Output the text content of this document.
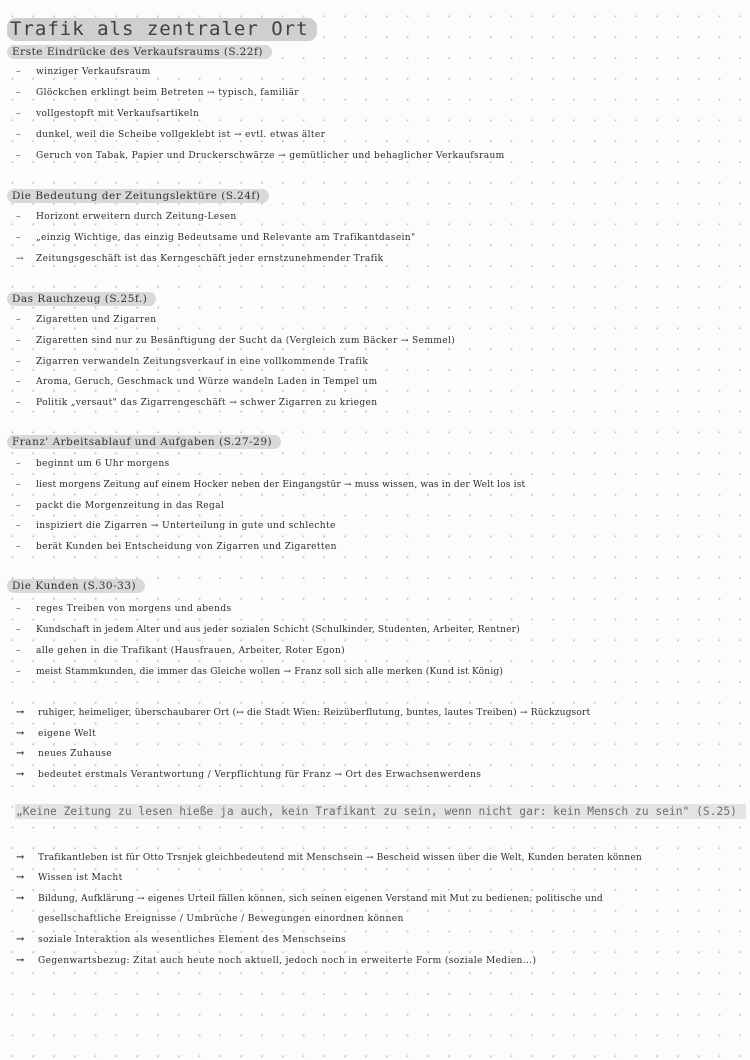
Trafik als zentraler Ort
Erste Eindrücke des Verkaufsraums (S.22f)
– winziger Verkaufsraum
– Glöckchen erklingt beim Betreten → typisch, familiär
– vollgestopft mit Verkaufsartikeln
– dunkel, weil die Scheibe vollgeklebt ist → evtl. etwas älter
– Geruch von Tabak, Papier und Druckerschwärze → gemütlicher und behaglicher Verkaufsraum
Die Bedeutung der Zeitungslektüre (S.24f)
– Horizont erweitern durch Zeitung-Lesen
– „einzig Wichtige, das einzig Bedeutsame und Relevante am Trafikantdasein"
→ Zeitungsgeschäft ist das Kerngeschäft jeder ernstzunehmender Trafik
Das Rauchzeug (S.25f.)
– Zigaretten und Zigarren
– Zigaretten sind nur zu Besänftigung der Sucht da (Vergleich zum Bäcker → Semmel)
– Zigarren verwandeln Zeitungsverkauf in eine vollkommende Trafik
– Aroma, Geruch, Geschmack und Würze wandeln Laden in Tempel um
– Politik „versaut" das Zigarrengeschäft → schwer Zigarren zu kriegen
Franz' Arbeitsablauf und Aufgaben (S.27-29)
– beginnt um 6 Uhr morgens
– liest morgens Zeitung auf einem Hocker neben der Eingangstür → muss wissen, was in der Welt los ist
– packt die Morgenzeitung in das Regal
– inspiziert die Zigarren → Unterteilung in gute und schlechte
– berät Kunden bei Entscheidung von Zigarren und Zigaretten
Die Kunden (S.30-33)
– reges Treiben von morgens und abends
– Kundschaft in jedem Alter und aus jeder sozialen Schicht (Schulkinder, Studenten, Arbeiter, Rentner)
– alle gehen in die Trafikant (Hausfrauen, Arbeiter, Roter Egon)
– meist Stammkunden, die immer das Gleiche wollen → Franz soll sich alle merken (Kund ist König)
→ ruhiger, heimeliger, überschaubarer Ort (↔ die Stadt Wien: Reizüberflutung, buntes, lautes Treiben) → Rückzugsort
→ eigene Welt
→ neues Zuhause
→ bedeutet erstmals Verantwortung / Verpflichtung für Franz → Ort des Erwachsenwerdens
„Keine Zeitung zu lesen hieße ja auch, kein Trafikant zu sein, wenn nicht gar: kein Mensch zu sein" (S.25)
→ Trafikantleben ist für Otto Trsnjek gleichbedeutend mit Menschsein → Bescheid wissen über die Welt, Kunden beraten können
→ Wissen ist Macht
→ Bildung, Aufklärung → eigenes Urteil fällen können, sich seinen eigenen Verstand mit Mut zu bedienen; politische und
gesellschaftliche Ereignisse / Umbrüche / Bewegungen einordnen können
→ soziale Interaktion als wesentliches Element des Menschseins
→ Gegenwartsbezug: Zitat auch heute noch aktuell, jedoch noch in erweiterte Form (soziale Medien...)
